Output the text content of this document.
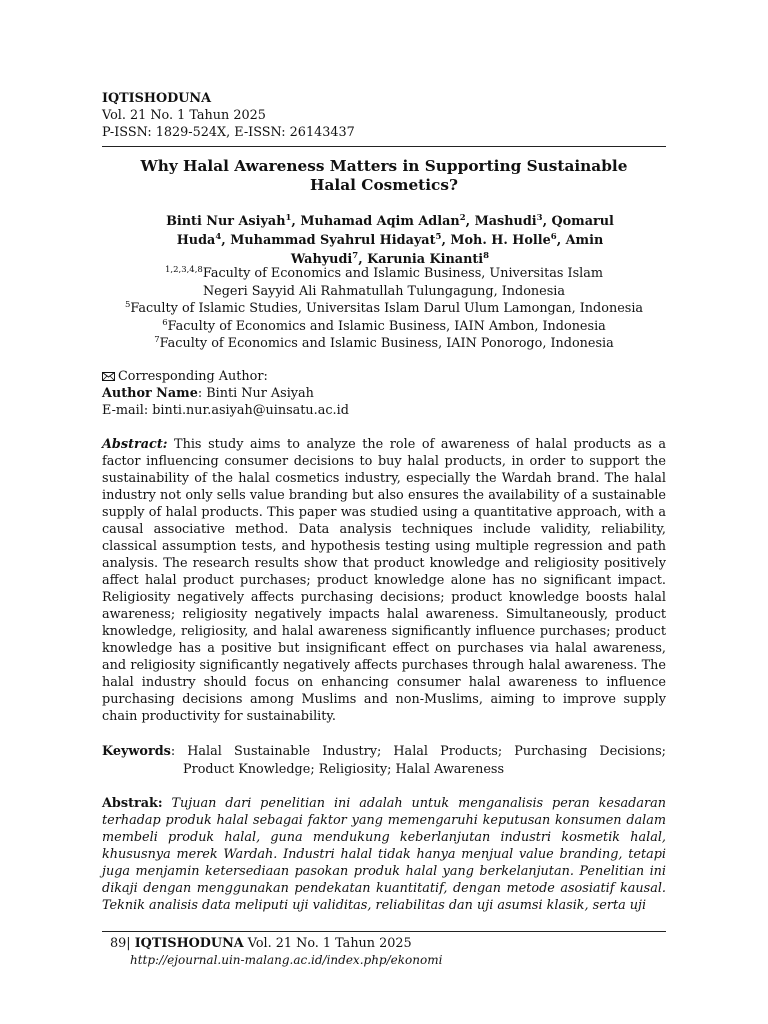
IQTISHODUNA
Vol. 21 No. 1 Tahun 2025
P-ISSN: 1829-524X, E-ISSN: 26143437
Why Halal Awareness Matters in Supporting Sustainable
Halal Cosmetics?
Binti Nur Asiyah$^1$, Muhamad Aqim Adlan$^2$, Mashudi$^3$, Qomarul Huda$^4$, Muhammad Syahrul Hidayat$^5$, Moh. H. Holle$^6$, Amin Wahyudi$^7$, Karunia Kinanti$^8$
$^{1,2,3,4,8}$Faculty of Economics and Islamic Business, Universitas Islam Negeri Sayyid Ali Rahmatullah Tulungagung, Indonesia
$^5$Faculty of Islamic Studies, Universitas Islam Darul Ulum Lamongan, Indonesia
$^6$Faculty of Economics and Islamic Business, IAIN Ambon, Indonesia
$^7$Faculty of Economics and Islamic Business, IAIN Ponorogo, Indonesia
Corresponding Author:
Author Name: Binti Nur Asiyah
E-mail: binti.nur.asiyah@uinsatu.ac.id
Abstract: This study aims to analyze the role of awareness of halal products as a factor influencing consumer decisions to buy halal products, in order to support the sustainability of the halal cosmetics industry, especially the Wardah brand. The halal industry not only sells value branding but also ensures the availability of a sustainable supply of halal products. This paper was studied using a quantitative approach, with a causal associative method. Data analysis techniques include validity, reliability, classical assumption tests, and hypothesis testing using multiple regression and path analysis. The research results show that product knowledge and religiosity positively affect halal product purchases; product knowledge alone has no significant impact. Religiosity negatively affects purchasing decisions; product knowledge boosts halal awareness; religiosity negatively impacts halal awareness. Simultaneously, product knowledge, religiosity, and halal awareness significantly influence purchases; product knowledge has a positive but insignificant effect on purchases via halal awareness, and religiosity significantly negatively affects purchases through halal awareness. The halal industry should focus on enhancing consumer halal awareness to influence purchasing decisions among Muslims and non-Muslims, aiming to improve supply chain productivity for sustainability.
Keywords: Halal Sustainable Industry; Halal Products; Purchasing Decisions;
Product Knowledge; Religiosity; Halal Awareness
Abstrak: Tujuan dari penelitian ini adalah untuk menganalisis peran kesadaran terhadap produk halal sebagai faktor yang memengaruhi keputusan konsumen dalam membeli produk halal, guna mendukung keberlanjutan industri kosmetik halal, khususnya merek Wardah. Industri halal tidak hanya menjual value branding, tetapi juga menjamin ketersediaan pasokan produk halal yang berkelanjutan. Penelitian ini dikaji dengan menggunakan pendekatan kuantitatif, dengan metode asosiatif kausal. Teknik analisis data meliputi uji validitas, reliabilitas dan uji asumsi klasik, serta uji
89| IQTISHODUNA Vol. 21 No. 1 Tahun 2025
http://ejournal.uin-malang.ac.id/index.php/ekonomi
